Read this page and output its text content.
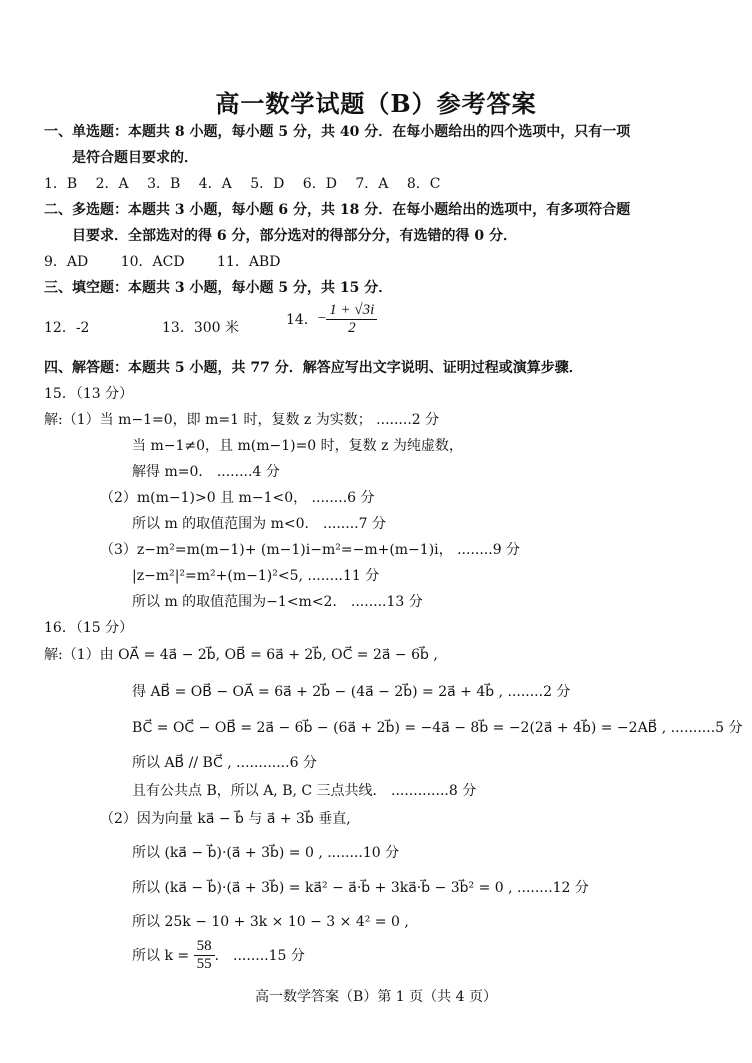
高一数学试题（B）参考答案
一、单选题：本题共 8 小题，每小题 5 分，共 40 分．在每小题给出的四个选项中，只有一项
是符合题目要求的．
1．B　 2．A　 3．B　 4．A　 5．D　 6．D　 7．A　 8．C
二、多选题：本题共 3 小题，每小题 6 分，共 18 分．在每小题给出的选项中，有多项符合题
目要求．全部选对的得 6 分，部分选对的得部分分，有选错的得 0 分．
9．AD　　 10．ACD　　 11．ABD
三、填空题：本题共 3 小题，每小题 5 分，共 15 分．
12．-2	13．300 米	14．− $\frac{1 + √3i}{2}$
四、解答题：本题共 5 小题，共 77 分．解答应写出文字说明、证明过程或演算步骤．
15．（13 分）
解:（1）当 m−1=0，即 m=1 时，复数 z 为实数； ........2 分
当 m−1≠0，且 m(m−1)=0 时，复数 z 为纯虚数，
解得 m=0． ........4 分
（2）m(m−1)>0 且 m−1<0， ........6 分
所以 m 的取值范围为 m<0． ........7 分
（3）z−m²=m(m−1)+ (m−1)i−m²=−m+(m−1)i， ........9 分
|z−m²|²=m²+(m−1)²<5, ........11 分
所以 m 的取值范围为−1<m<2． ........13 分
16．（15 分）
解:（1）由 OA⃗ = 4a⃗ − 2b⃗, OB⃗ = 6a⃗ + 2b⃗, OC⃗ = 2a⃗ − 6b⃗ ,
得 AB⃗ = OB⃗ − OA⃗ = 6a⃗ + 2b⃗ − (4a⃗ − 2b⃗) = 2a⃗ + 4b⃗ , ........2 分
BC⃗ = OC⃗ − OB⃗ = 2a⃗ − 6b⃗ − (6a⃗ + 2b⃗) = −4a⃗ − 8b⃗ = −2(2a⃗ + 4b⃗) = −2AB⃗ , ..........5 分
所以 AB⃗ // BC⃗ , ............6 分
且有公共点 B，所以 A, B, C 三点共线． .............8 分
（2）因为向量 ka⃗ − b⃗ 与 a⃗ + 3b⃗ 垂直,
所以 (ka⃗ − b⃗)·(a⃗ + 3b⃗) = 0 , ........10 分
所以 (ka⃗ − b⃗)·(a⃗ + 3b⃗) = ka⃗² − a⃗·b⃗ + 3ka⃗·b⃗ − 3b⃗² = 0 , ........12 分
所以 25k − 10 + 3k × 10 − 3 × 4² = 0 ,
所以 $k = \frac{58}{55}$ ． ........15 分
高一数学答案（B）第 1 页（共 4 页）
